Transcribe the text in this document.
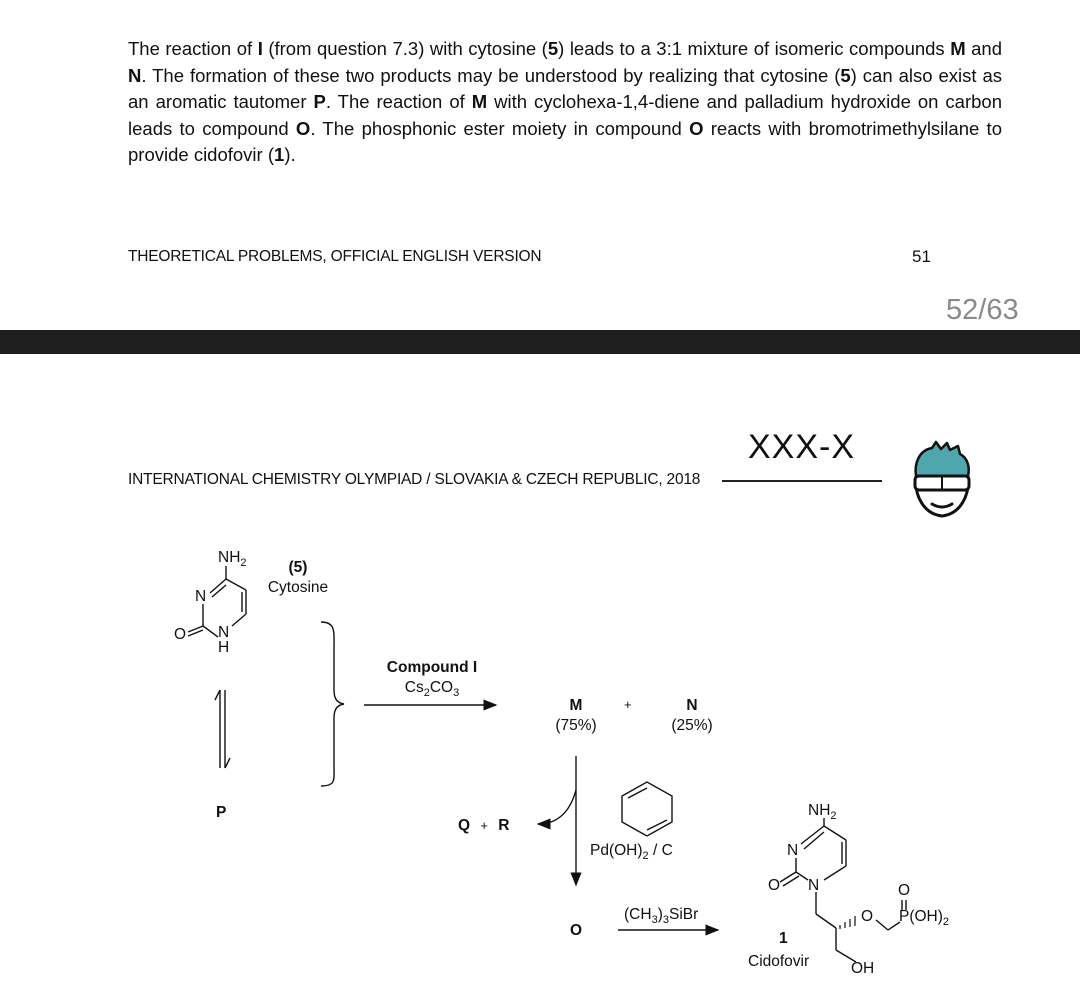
The reaction of I (from question 7.3) with cytosine (5) leads to a 3:1 mixture of isomeric compounds M and N. The formation of these two products may be understood by realizing that cytosine (5) can also exist as an aromatic tautomer P. The reaction of M with cyclohexa-1,4-diene and palladium hydroxide on carbon leads to compound O. The phosphonic ester moiety in compound O reacts with bromotrimethylsilane to provide cidofovir (1).

THEORETICAL PROBLEMS, OFFICIAL ENGLISH VERSION	51
52/63
INTERNATIONAL CHEMISTRY OLYMPIAD / SLOVAKIA & CZECH REPUBLIC, 2018
XXX-X
$NH_2$
N
O N
H
(5)
Cytosine
P
Compound I
$Cs_2CO_3$
M
(75%)
+	N
(25%)
Q + R
$Pd(OH)_2$ / C
O
$(CH_3)_3SiBr$
$NH_2$
N
N
O
O
O
$P(OH)_2$
OH
1
Cidofovir
